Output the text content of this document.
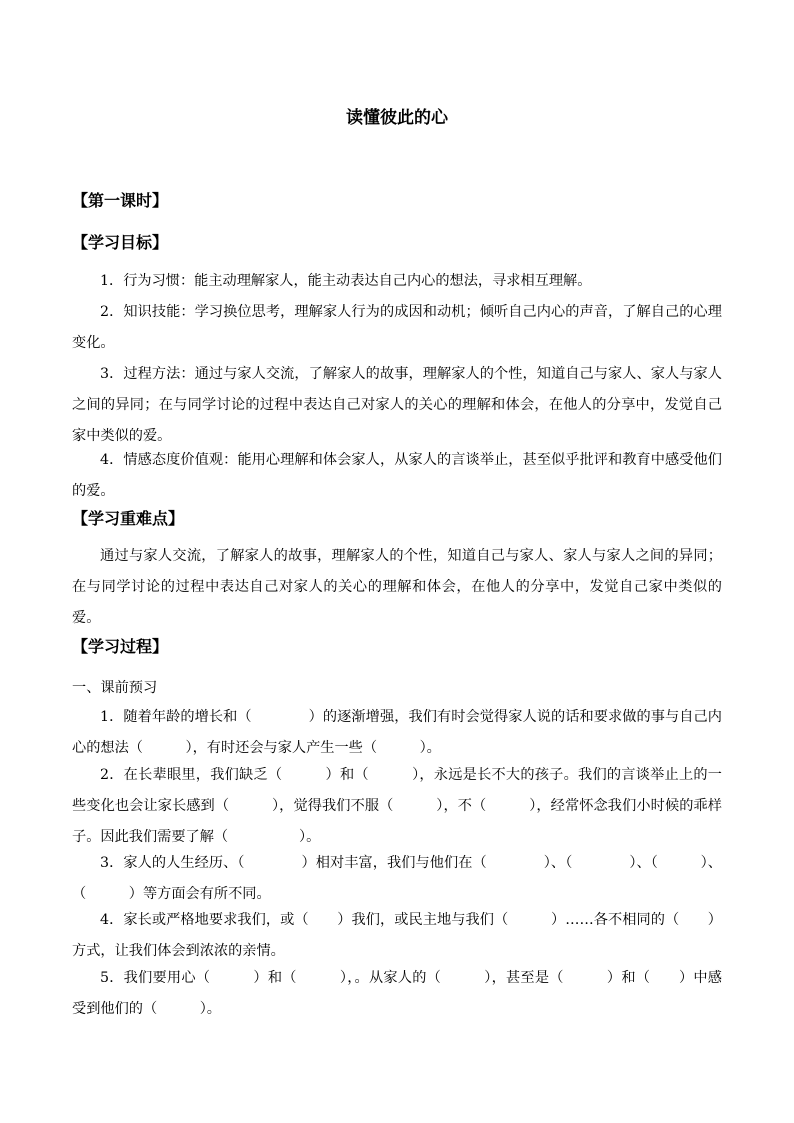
读懂彼此的心
【第一课时】
【学习目标】

1．行为习惯：能主动理解家人，能主动表达自己内心的想法，寻求相互理解。

2．知识技能：学习换位思考，理解家人行为的成因和动机；倾听自己内心的声音，了解自己的心理变化。

3．过程方法：通过与家人交流，了解家人的故事，理解家人的个性，知道自己与家人、家人与家人之间的异同；在与同学讨论的过程中表达自己对家人的关心的理解和体会，在他人的分享中，发觉自己家中类似的爱。

4．情感态度价值观：能用心理解和体会家人，从家人的言谈举止，甚至似乎批评和教育中感受他们的爱。

【学习重难点】

通过与家人交流，了解家人的故事，理解家人的个性，知道自己与家人、家人与家人之间的异同；在与同学讨论的过程中表达自己对家人的关心的理解和体会，在他人的分享中，发觉自己家中类似的爱。

【学习过程】

一、课前预习

1．随着年龄的增长和（　　　　）的逐渐增强，我们有时会觉得家人说的话和要求做的事与自己内心的想法（　　　），有时还会与家人产生一些（　　　）。

2．在长辈眼里，我们缺乏（　　　）和（　　　），永远是长不大的孩子。我们的言谈举止上的一些变化也会让家长感到（　　　），觉得我们不服（　　　），不（　　　），经常怀念我们小时候的乖样子。因此我们需要了解（　　　　　）。

3．家人的人生经历、（　　　　）相对丰富，我们与他们在（　　　　）、（　　　　）、（　　　）、（　　　）等方面会有所不同。

4．家长或严格地要求我们，或（　　）我们，或民主地与我们（　　　）……各不相同的（　　）方式，让我们体会到浓浓的亲情。

5．我们要用心（　　　）和（　　　），。从家人的（　　　），甚至是（　　　）和（　　）中感受到他们的（　　　）。
